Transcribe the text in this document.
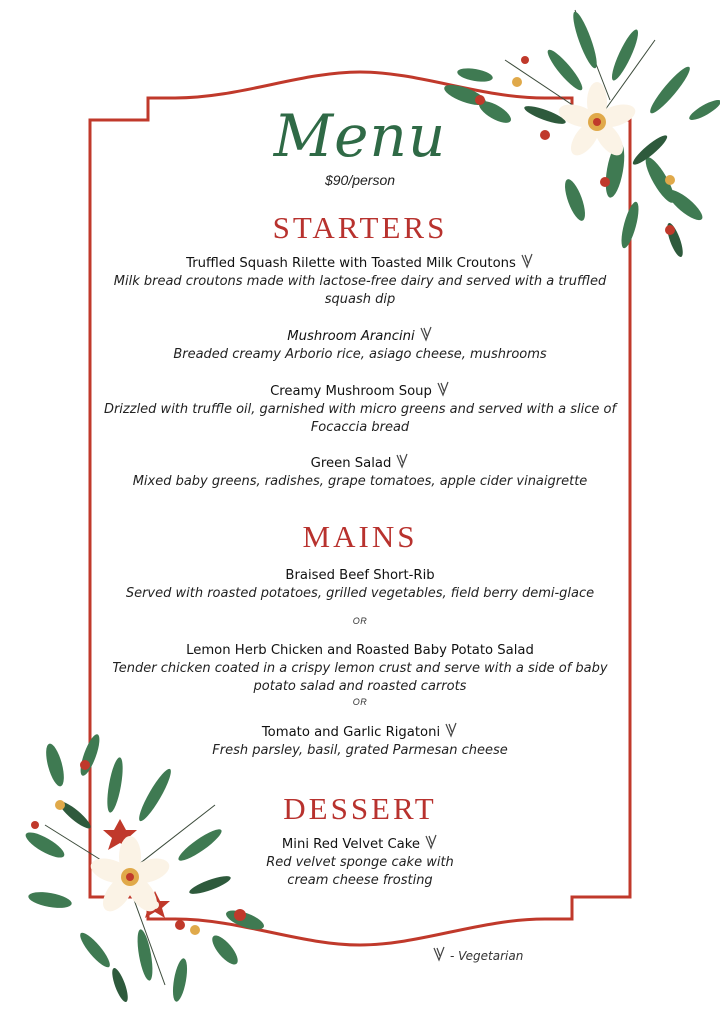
Menu
$90/person
STARTERS
Truffled Squash Rilette with Toasted Milk Croutons
Milk bread croutons made with lactose-free dairy and served with a truffled squash dip
Mushroom Arancini
Breaded creamy Arborio rice, asiago cheese, mushrooms
Creamy Mushroom Soup
Drizzled with truffle oil, garnished with micro greens and served with a slice of Focaccia bread
Green Salad
Mixed baby greens, radishes, grape tomatoes, apple cider vinaigrette
MAINS
Braised Beef Short-Rib
Served with roasted potatoes, grilled vegetables, field berry demi-glace
OR
Lemon Herb Chicken and Roasted Baby Potato Salad
Tender chicken coated in a crispy lemon crust and serve with a side of baby potato salad and roasted carrots
OR
Tomato and Garlic Rigatoni
Fresh parsley, basil, grated Parmesan cheese
DESSERT
Mini Red Velvet Cake
Red velvet sponge cake with cream cheese frosting
- Vegetarian
